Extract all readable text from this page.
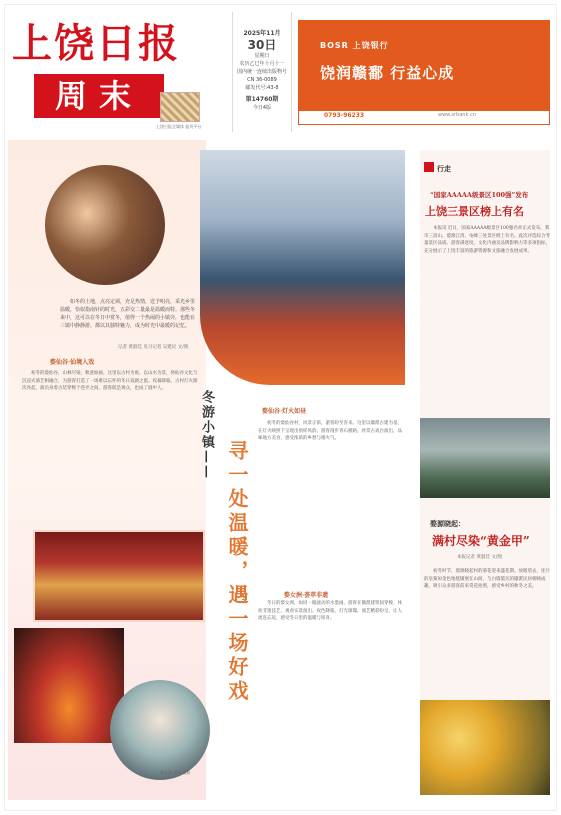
上饶日报
周末
上饶日报全媒体 报刊平台
2025年11月
30日
星期日
农历乙巳年十月十一
国内统一连续出版物号
CN 36-0089
邮发代号:43-8
第14760期
今日4版
BOSR 上饶银行
饶润赣鄱 行益心成
0793-96233	www.srbank.cn
如冬的土地，点亮定调，充足热情，送予明亮，采光乡里温暖，恰似指南针的时光，五彩交二量最是温暖而特。那些冬来中，这可以在冬日中赏冬，值得一个热闹的小镇旁，也能在三镇中静静游，都以其独特魅力，成为时光中最暖的记忆。
记者 黄淑佳 见习记者 吴建民 文/图
婺仙谷·仙境入戏
初冬的婺仙谷，山林尽染，秋意如画。这里以古村为底、以山水为景，将仙谷文化与沉浸式演艺相融合，为游客打造了一场难以忘怀的冬日戏剧之旅。夜幕降临，古村灯火渐次亮起，演员身着古装穿梭于巷弄之间，游客既是观众，也成了剧中人。
婺女洲 夜景 摄影
冬游小镇——
寻一处温暖，遇一场好戏
婺仙谷·灯火如昼
初冬的婺仙谷村，风景正浓，游客纷至沓来。这里以徽派古建为基，在灯火映照下呈现出别样风韵。游客漫步青石板路，欣赏古戏台演出，品味地方美食，感受浓浓的乡愁与烟火气。
婺女洲·荟萃非遗
冬日的婺女洲，如同一幅流动的水墨画。游客在徽派建筑间穿梭，体验非遗技艺，观看实景演出。夜色降临，灯光璀璨，演艺精彩纷呈，让人流连忘返，感受冬日里的温暖与惊喜。
行走
“国家AAAAA级景区100强”发布
上饶三景区榜上有名
本报讯 近日，国家AAAAA级景区100强名单正式发布，我市三清山、婺源江湾、龟峰三处景区榜上有名。此次评选综合考量景区品质、游客满意度、文化内涵及品牌影响力等多项指标，充分展示了上饶丰富的旅游资源和文旅融合发展成果。
婺源晓起：
满村尽染“黄金甲”
本报记者 黄淑佳 文/图
初冬时节，婺源晓起村的菊花迎来盛花期。放眼望去，连片的皇菊如金色地毯铺展在山间，与白墙黛瓦的徽派民居相映成趣，吸引众多游客前来赏花拍照，感受乡村的秋冬之美。
